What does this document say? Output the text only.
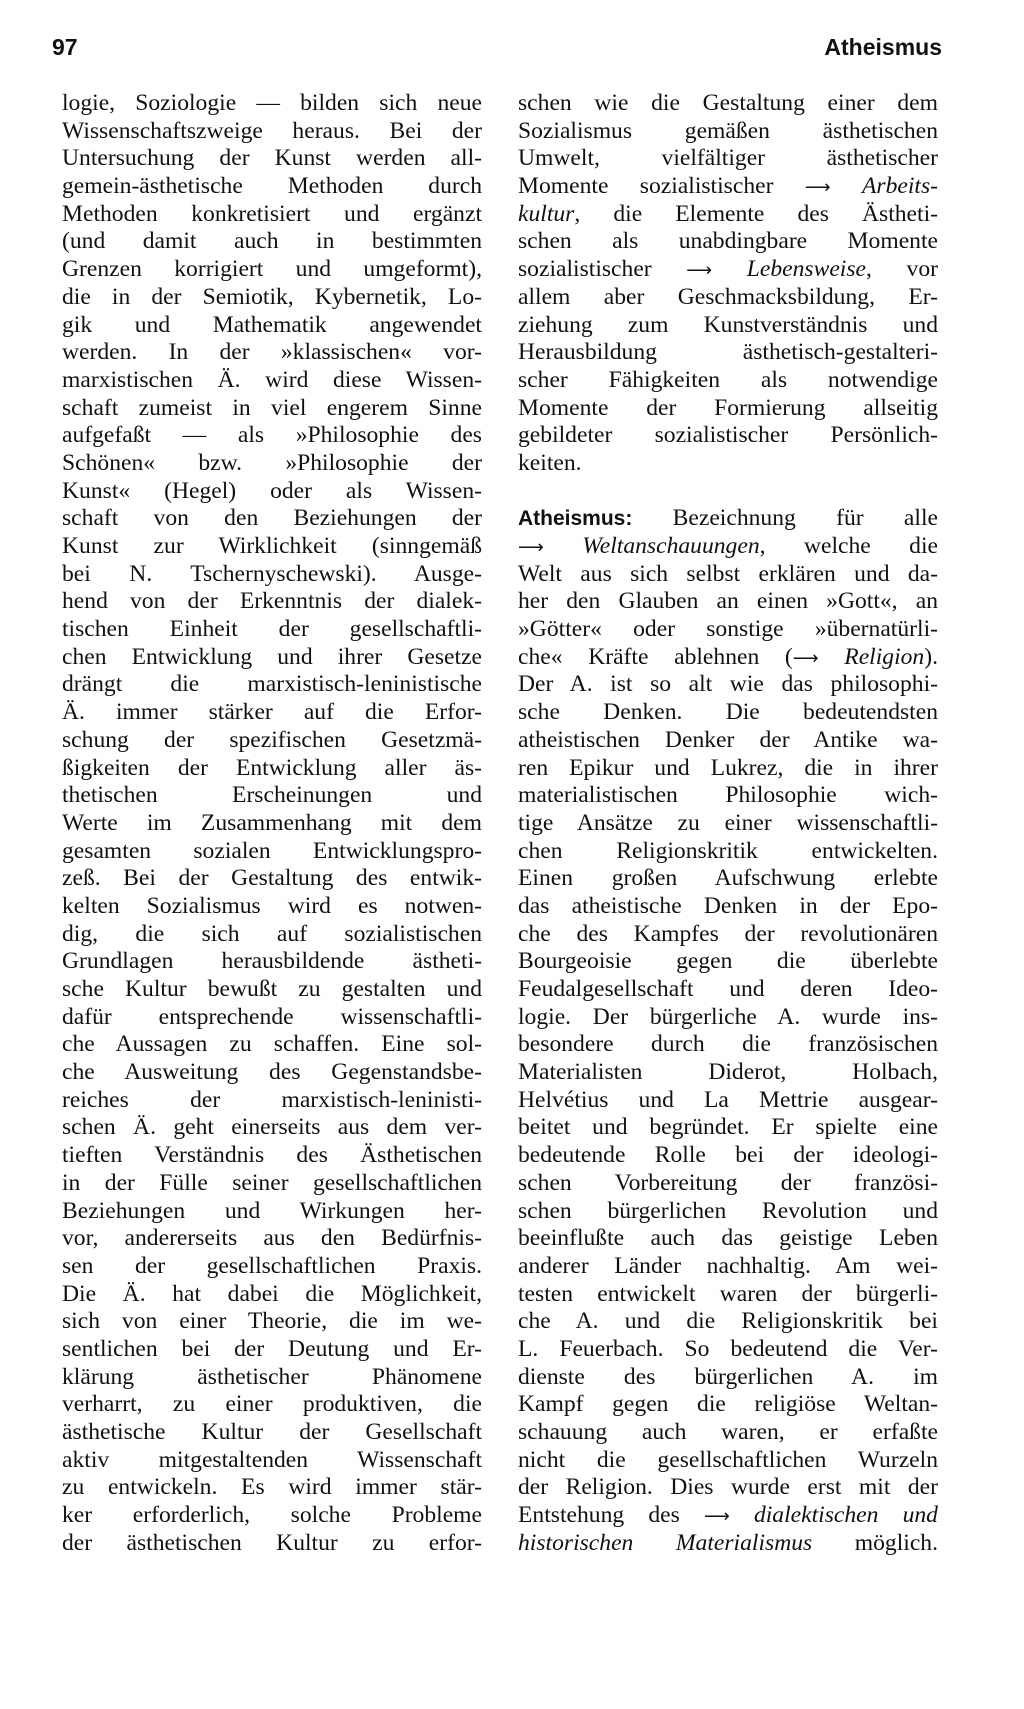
97	Atheismus
logie, Soziologie — bilden sich neue
Wissenschaftszweige heraus. Bei der
Untersuchung der Kunst werden all-
gemein-ästhetische Methoden durch
Methoden konkretisiert und ergänzt
(und damit auch in bestimmten
Grenzen korrigiert und umgeformt),
die in der Semiotik, Kybernetik, Lo-
gik und Mathematik angewendet
werden. In der »klassischen« vor-
marxistischen Ä. wird diese Wissen-
schaft zumeist in viel engerem Sinne
aufgefaßt — als »Philosophie des
Schönen« bzw. »Philosophie der
Kunst« (Hegel) oder als Wissen-
schaft von den Beziehungen der
Kunst zur Wirklichkeit (sinngemäß
bei N. Tschernyschewski). Ausge-
hend von der Erkenntnis der dialek-
tischen Einheit der gesellschaftli-
chen Entwicklung und ihrer Gesetze
drängt die marxistisch-leninistische
Ä. immer stärker auf die Erfor-
schung der spezifischen Gesetzmä-
ßigkeiten der Entwicklung aller äs-
thetischen Erscheinungen und
Werte im Zusammenhang mit dem
gesamten sozialen Entwicklungspro-
zeß. Bei der Gestaltung des entwik-
kelten Sozialismus wird es notwen-
dig, die sich auf sozialistischen
Grundlagen herausbildende ästheti-
sche Kultur bewußt zu gestalten und
dafür entsprechende wissenschaftli-
che Aussagen zu schaffen. Eine sol-
che Ausweitung des Gegenstandsbe-
reiches der marxistisch-leninisti-
schen Ä. geht einerseits aus dem ver-
tieften Verständnis des Ästhetischen
in der Fülle seiner gesellschaftlichen
Beziehungen und Wirkungen her-
vor, andererseits aus den Bedürfnis-
sen der gesellschaftlichen Praxis.
Die Ä. hat dabei die Möglichkeit,
sich von einer Theorie, die im we-
sentlichen bei der Deutung und Er-
klärung ästhetischer Phänomene
verharrt, zu einer produktiven, die
ästhetische Kultur der Gesellschaft
aktiv mitgestaltenden Wissenschaft
zu entwickeln. Es wird immer stär-
ker erforderlich, solche Probleme
der ästhetischen Kultur zu erfor-
schen wie die Gestaltung einer dem
Sozialismus gemäßen ästhetischen
Umwelt, vielfältiger ästhetischer
Momente sozialistischer ⟶ Arbeits-
kultur, die Elemente des Ästheti-
schen als unabdingbare Momente
sozialistischer ⟶ Lebensweise, vor
allem aber Geschmacksbildung, Er-
ziehung zum Kunstverständnis und
Herausbildung ästhetisch-gestalteri-
scher Fähigkeiten als notwendige
Momente der Formierung allseitig
gebildeter sozialistischer Persönlich-
keiten.
Atheismus: Bezeichnung für alle
⟶ Weltanschauungen, welche die
Welt aus sich selbst erklären und da-
her den Glauben an einen »Gott«, an
»Götter« oder sonstige »übernatürli-
che« Kräfte ablehnen (⟶ Religion).
Der A. ist so alt wie das philosophi-
sche Denken. Die bedeutendsten
atheistischen Denker der Antike wa-
ren Epikur und Lukrez, die in ihrer
materialistischen Philosophie wich-
tige Ansätze zu einer wissenschaftli-
chen Religionskritik entwickelten.
Einen großen Aufschwung erlebte
das atheistische Denken in der Epo-
che des Kampfes der revolutionären
Bourgeoisie gegen die überlebte
Feudalgesellschaft und deren Ideo-
logie. Der bürgerliche A. wurde ins-
besondere durch die französischen
Materialisten Diderot, Holbach,
Helvétius und La Mettrie ausgear-
beitet und begründet. Er spielte eine
bedeutende Rolle bei der ideologi-
schen Vorbereitung der französi-
schen bürgerlichen Revolution und
beeinflußte auch das geistige Leben
anderer Länder nachhaltig. Am wei-
testen entwickelt waren der bürgerli-
che A. und die Religionskritik bei
L. Feuerbach. So bedeutend die Ver-
dienste des bürgerlichen A. im
Kampf gegen die religiöse Weltan-
schauung auch waren, er erfaßte
nicht die gesellschaftlichen Wurzeln
der Religion. Dies wurde erst mit der
Entstehung des ⟶ dialektischen und
historischen Materialismus möglich.
